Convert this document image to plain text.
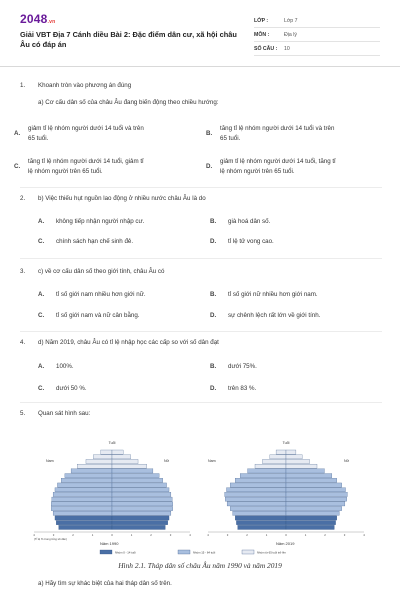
2048.vn
Giải VBT Địa 7 Cánh diều Bài 2: Đặc điểm dân cư, xã hội châu Âu có đáp án
LỚP :	Lớp 7
MÔN :	Địa lý
SỐ CÂU :	10
1. Khoanh tròn vào phương án đúng
a) Cơ cấu dân số của châu Âu đang biến động theo chiều hướng:
A.
giảm tỉ lệ nhóm người dưới 14 tuổi và trên
65 tuổi.
B.
tăng tỉ lệ nhóm người dưới 14 tuổi và trên
65 tuổi.
C.
tăng tỉ lệ nhóm người dưới 14 tuổi, giảm tỉ
lệ nhóm người trên 65 tuổi.
D.
giảm tỉ lệ nhóm người dưới 14 tuổi, tăng tỉ
lệ nhóm người trên 65 tuổi.
2. b) Việc thiếu hụt nguồn lao động ở nhiều nước châu Âu là do
A. không tiếp nhận người nhập cư.	B. già hoá dân số.
C. chính sách hạn chế sinh đẻ.	D. tỉ lệ tử vong cao.
3. c) về cơ cấu dân số theo giới tính, châu Âu có
A. tỉ số giới nam nhiều hơn giới nữ.	B. tỉ số giới nữ nhiều hơn giới nam.
C. tỉ số giới nam và nữ cân bằng.	D. sự chênh lệch rất lớn về giới tính.
4. d) Năm 2019, châu Âu có tỉ lệ nhập học các cấp so với số dân đạt
A. 100%.	B. dưới 75%.
C. dưới 50 %.	D. trên 83 %.
5. Quan sát hình sau:
Tuổi
Nam	Nữ
Tuổi
Nam	Nữ
4	3	2	1	0	1	2	3	4	4	3	2	1	0	1	2	3	4
(Tỉ lệ % trong tổng số dân)
Năm 1990	Năm 2019
Nhóm 0 - 14 tuổi	Nhóm 15 - 64 tuổi	Nhóm từ 65 tuổi trở lên
Hình 2.1. Tháp dân số châu Âu năm 1990 và năm 2019
a) Hãy tìm sự khác biệt của hai tháp dân số trên.
